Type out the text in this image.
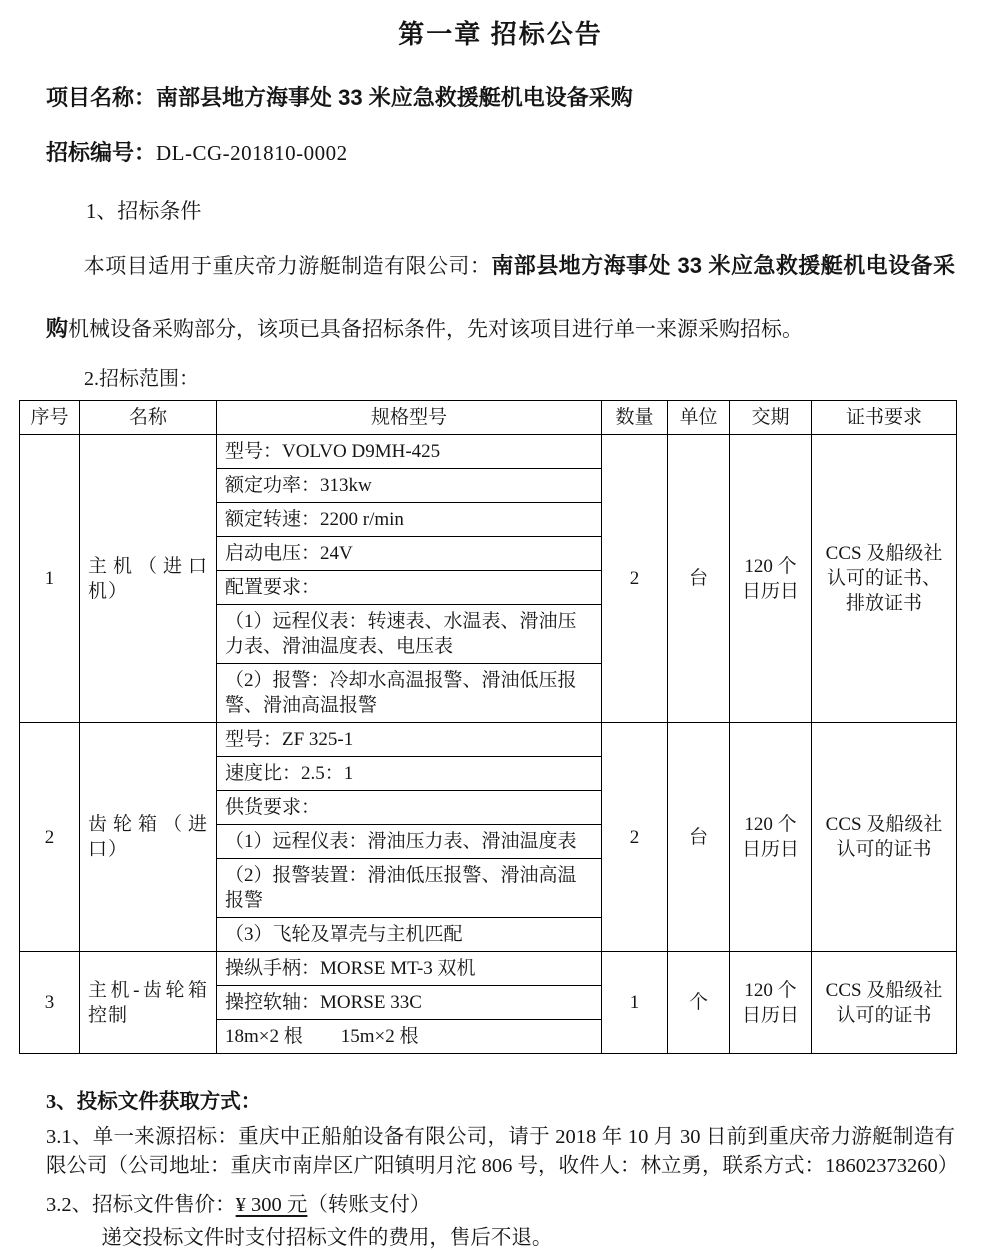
第一章 招标公告

项目名称：南部县地方海事处 33 米应急救援艇机电设备采购

招标编号：DL-CG-201810-0002

1、招标条件

本项目适用于重庆帝力游艇制造有限公司：南部县地方海事处 33 米应急救援艇机电设备采购机械设备采购部分，该项已具备招标条件，先对该项目进行单一来源采购招标。

2.招标范围：

序号	名称	规格型号	数量	单位	交期	证书要求
1	主机（进口机）	型号：VOLVO D9MH-425	2	台	120 个日历日	CCS 及船级社认可的证书、排放证书
		额定功率：313kw				
		额定转速：2200 r/min				
		启动电压：24V				
		配置要求：				
		（1）远程仪表：转速表、水温表、滑油压力表、滑油温度表、电压表				
		（2）报警：冷却水高温报警、滑油低压报警、滑油高温报警				
2	齿轮箱（进口）	型号：ZF 325-1	2	台	120 个日历日	CCS 及船级社认可的证书
		速度比：2.5：1				
		供货要求：				
		（1）远程仪表：滑油压力表、滑油温度表				
		（2）报警装置：滑油低压报警、滑油高温报警				
		（3）飞轮及罩壳与主机匹配				
3	主机-齿轮箱控制	操纵手柄：MORSE MT-3 双机	1	个	120 个日历日	CCS 及船级社认可的证书
		操控软轴：MORSE 33C				
		18m×2 根　　15m×2 根				

3、投标文件获取方式：

3.1、单一来源招标：重庆中正船舶设备有限公司，请于 2018 年 10 月 30 日前到重庆帝力游艇制造有限公司（公司地址：重庆市南岸区广阳镇明月沱 806 号，收件人：林立勇，联系方式：18602373260）

3.2、招标文件售价：¥ 300 元（转账支付）

递交投标文件时支付招标文件的费用，售后不退。
